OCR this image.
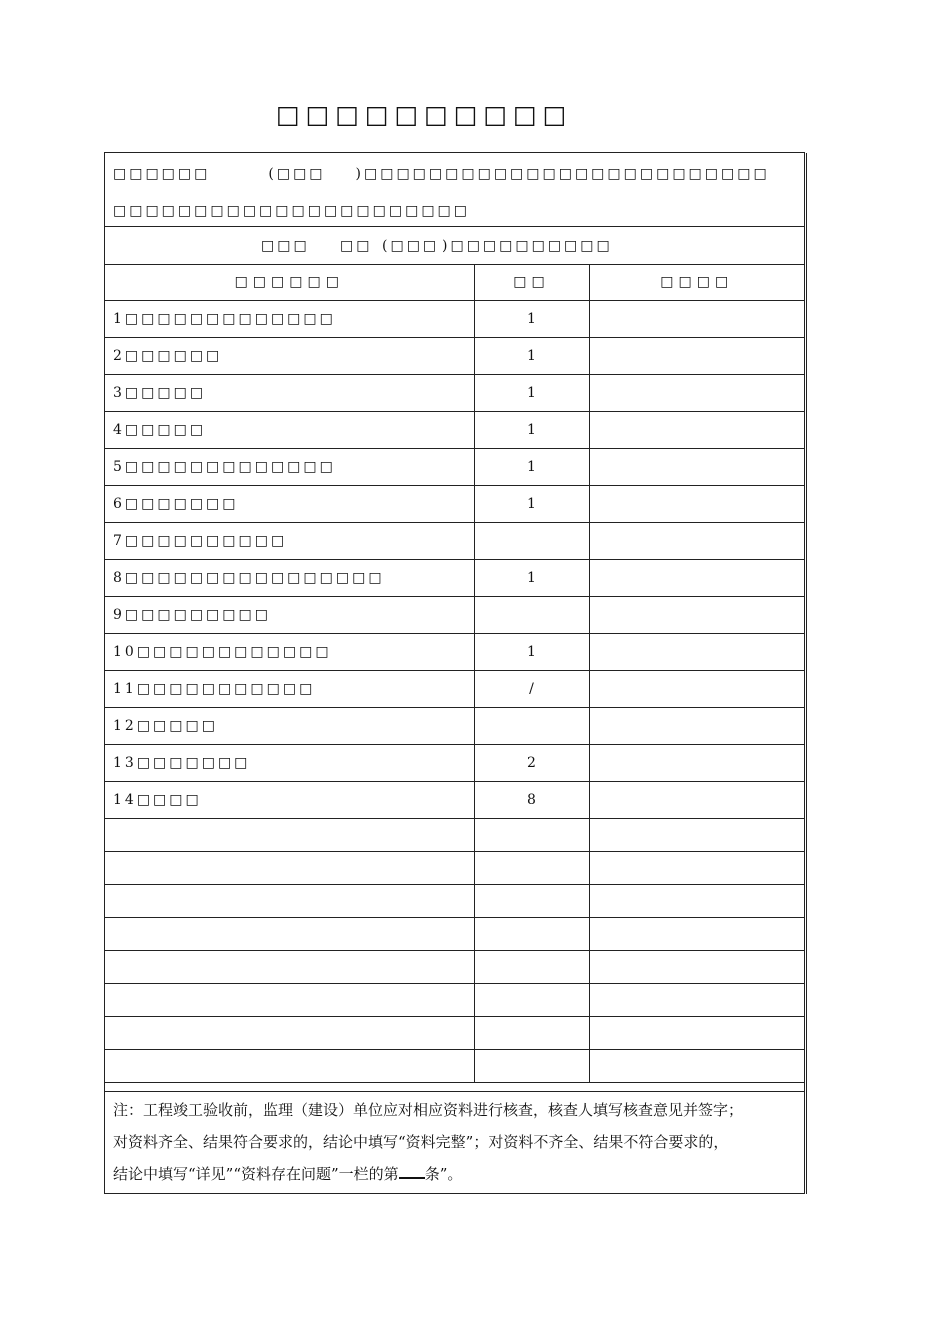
□□□□□□□□□□
□□□□□□	(□□□ )□□□□□□□□□□□□□□□□□□□□□□□□□
□□□□□□□□□□□□□□□□□□□□□□
□□□ □□ (□□□ )□□□□□□□□□□
□□□□□□	□□	□□□□
1□□□□□□□□□□□□□	1	
2□□□□□□	1	
3□□□□□	1	
4□□□□□	1	
5□□□□□□□□□□□□□	1	
6□□□□□□□	1	
7□□□□□□□□□□		
8□□□□□□□□□□□□□□□□	1	
9□□□□□□□□□		
10□□□□□□□□□□□□	1	
11□□□□□□□□□□□	/	
12□□□□□		
13□□□□□□□	2	
14□□□□	8	

注：工程竣工验收前，监理（建设）单位应对相应资料进行核查，核查人填写核查意见并签字；

对资料齐全、结果符合要求的，结论中填写“资料完整”；对资料不齐全、结果不符合要求的，

结论中填写“详见”“资料存在问题”一栏的第 条”。
